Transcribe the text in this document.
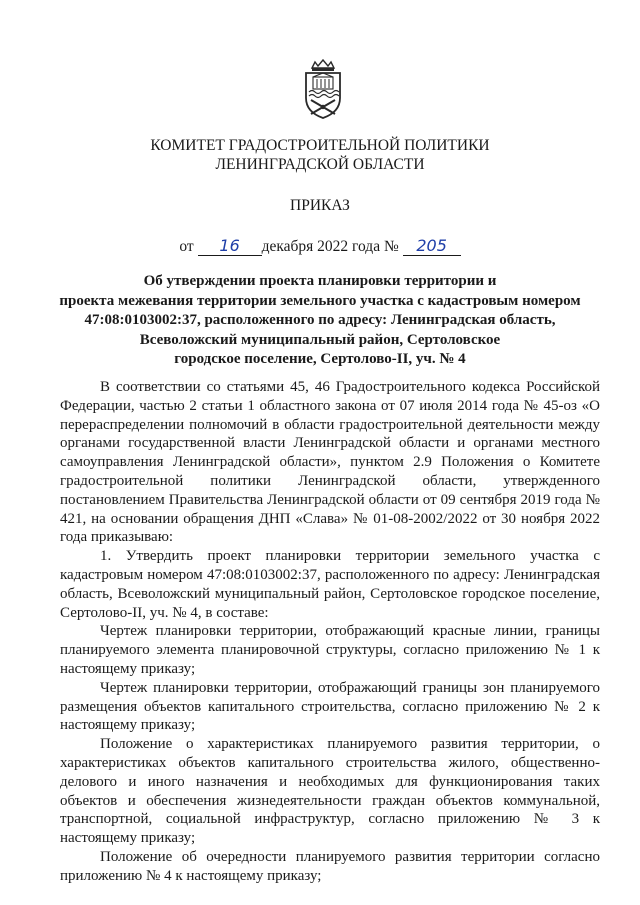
КОМИТЕТ ГРАДОСТРОИТЕЛЬНОЙ ПОЛИТИКИ
ЛЕНИНГРАДСКОЙ ОБЛАСТИ
ПРИКАЗ
от 16 декабря 2022 года № 205
Об утверждении проекта планировки территории и
проекта межевания территории земельного участка с кадастровым номером
47:08:0103002:37, расположенного по адресу: Ленинградская область,
Всеволожский муниципальный район, Сертоловское
городское поселение, Сертолово-II, уч. № 4

В соответствии со статьями 45, 46 Градостроительного кодекса Российской Федерации, частью 2 статьи 1 областного закона от 07 июля 2014 года № 45-оз «О перераспределении полномочий в области градостроительной деятельности между органами государственной власти Ленинградской области и органами местного самоуправления Ленинградской области», пунктом 2.9 Положения о Комитете градостроительной политики Ленинградской области, утвержденного постановлением Правительства Ленинградской области от 09 сентября 2019 года № 421, на основании обращения ДНП «Слава» № 01-08-2002/2022 от 30 ноября 2022 года приказываю:

1. Утвердить проект планировки территории земельного участка с кадастровым номером 47:08:0103002:37, расположенного по адресу: Ленинградская область, Всеволожский муниципальный район, Сертоловское городское поселение, Сертолово-II, уч. № 4, в составе:

Чертеж планировки территории, отображающий красные линии, границы планируемого элемента планировочной структуры, согласно приложению № 1 к настоящему приказу;

Чертеж планировки территории, отображающий границы зон планируемого размещения объектов капитального строительства, согласно приложению № 2 к настоящему приказу;

Положение о характеристиках планируемого развития территории, о характеристиках объектов капитального строительства жилого, общественно-делового и иного назначения и необходимых для функционирования таких объектов и обеспечения жизнедеятельности граждан объектов коммунальной, транспортной, социальной инфраструктур, согласно приложению № 3 к настоящему приказу;

Положение об очередности планируемого развития территории согласно приложению № 4 к настоящему приказу;
